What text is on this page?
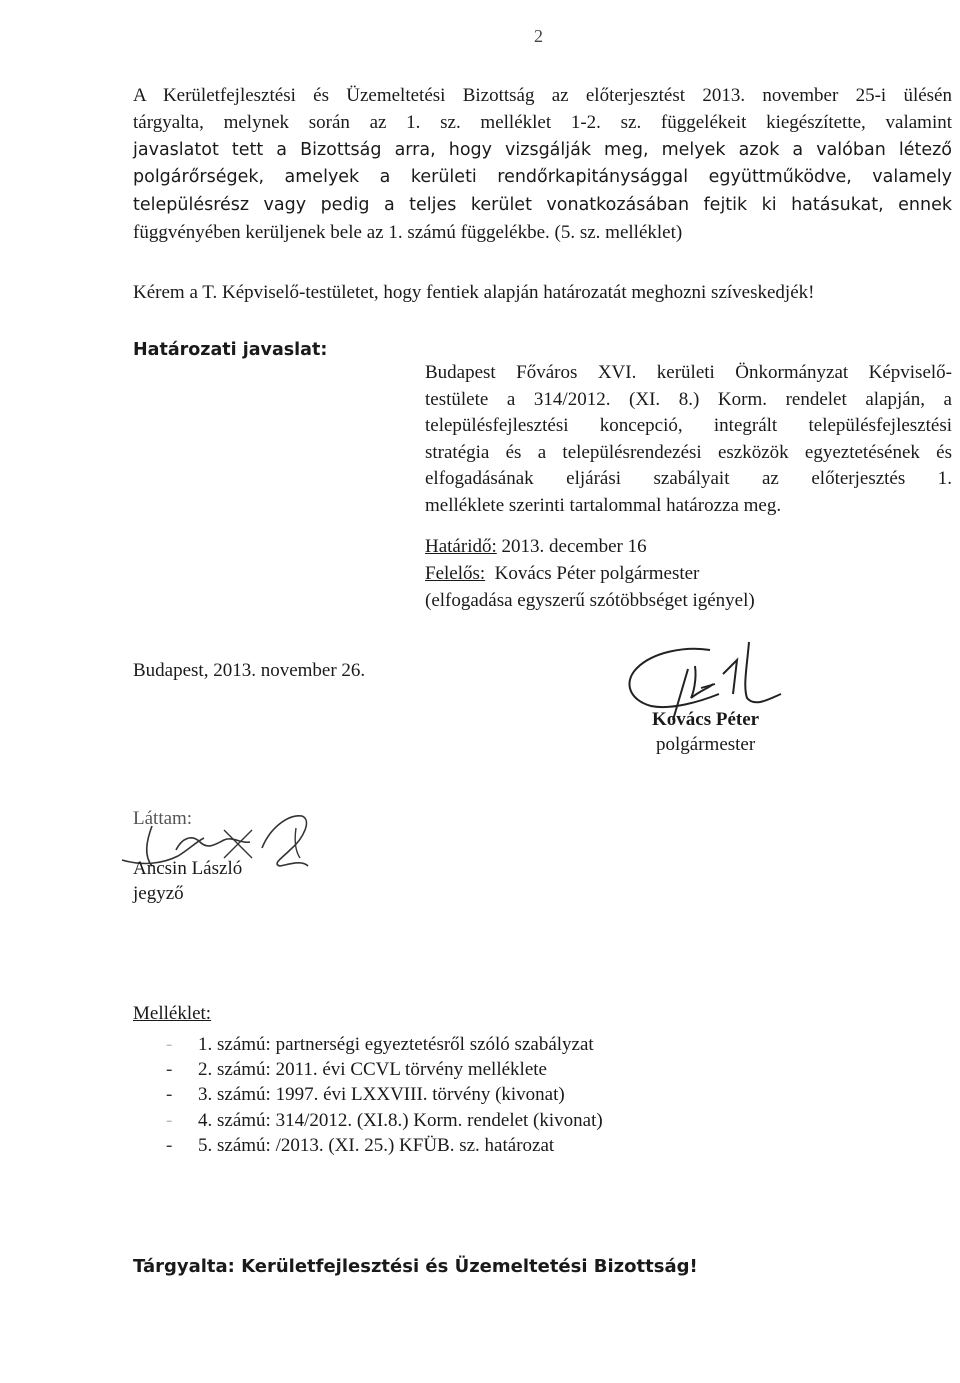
2
A Kerületfejlesztési és Üzemeltetési Bizottság az előterjesztést 2013. november 25-i ülésén
tárgyalta, melynek során az 1. sz. melléklet 1-2. sz. függelékeit kiegészítette, valamint
javaslatot tett a Bizottság arra, hogy vizsgálják meg, melyek azok a valóban létező
polgárőrségek, amelyek a kerületi rendőrkapitánysággal együttműködve, valamely
településrész vagy pedig a teljes kerület vonatkozásában fejtik ki hatásukat, ennek
függvényében kerüljenek bele az 1. számú függelékbe. (5. sz. melléklet)
Kérem a T. Képviselő-testületet, hogy fentiek alapján határozatát meghozni szíveskedjék!
Határozati javaslat:
Budapest Főváros XVI. kerületi Önkormányzat Képviselő-
testülete a 314/2012. (XI. 8.) Korm. rendelet alapján, a
településfejlesztési koncepció, integrált településfejlesztési
stratégia és a településrendezési eszközök egyeztetésének és
elfogadásának eljárási szabályait az előterjesztés 1.
melléklete szerinti tartalommal határozza meg.
Határidő: 2013. december 16
Felelős:  Kovács Péter polgármester
(elfogadása egyszerű szótöbbséget igényel)
Budapest, 2013. november 26.
Kovács Péter
polgármester
Láttam:
Ancsin László
jegyző
Melléklet:
- 1. számú: partnerségi egyeztetésről szóló szabályzat
- 2. számú: 2011. évi CCVL törvény melléklete
- 3. számú: 1997. évi LXXVIII. törvény (kivonat)
- 4. számú: 314/2012. (XI.8.) Korm. rendelet (kivonat)
- 5. számú: /2013. (XI. 25.) KFÜB. sz. határozat
Tárgyalta: Kerületfejlesztési és Üzemeltetési Bizottság!
